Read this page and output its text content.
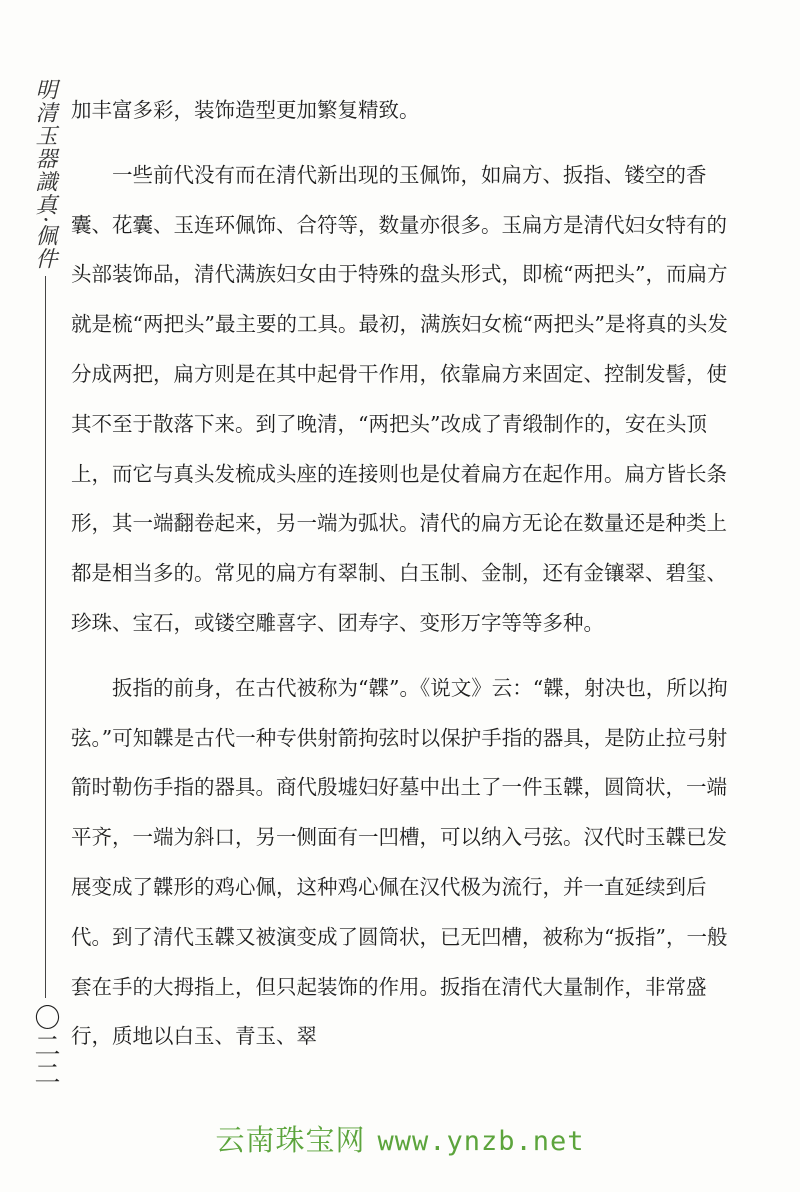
明清玉器識真·佩件
〇二二

加丰富多彩，装饰造型更加繁复精致。

一些前代没有而在清代新出现的玉佩饰，如扁方、扳指、镂空的香囊、花囊、玉连环佩饰、合符等，数量亦很多。玉扁方是清代妇女特有的头部装饰品，清代满族妇女由于特殊的盘头形式，即梳“两把头”，而扁方就是梳“两把头”最主要的工具。最初，满族妇女梳“两把头”是将真的头发分成两把，扁方则是在其中起骨干作用，依靠扁方来固定、控制发髻，使其不至于散落下来。到了晚清，“两把头”改成了青缎制作的，安在头顶上，而它与真头发梳成头座的连接则也是仗着扁方在起作用。扁方皆长条形，其一端翻卷起来，另一端为弧状。清代的扁方无论在数量还是种类上都是相当多的。常见的扁方有翠制、白玉制、金制，还有金镶翠、碧玺、珍珠、宝石，或镂空雕喜字、团寿字、变形万字等等多种。

扳指的前身，在古代被称为“韘”。《说文》云：“韘，射决也，所以拘弦。”可知韘是古代一种专供射箭拘弦时以保护手指的器具，是防止拉弓射箭时勒伤手指的器具。商代殷墟妇好墓中出土了一件玉韘，圆筒状，一端平齐，一端为斜口，另一侧面有一凹槽，可以纳入弓弦。汉代时玉韘已发展变成了韘形的鸡心佩，这种鸡心佩在汉代极为流行，并一直延续到后代。到了清代玉韘又被演变成了圆筒状，已无凹槽，被称为“扳指”，一般套在手的大拇指上，但只起装饰的作用。扳指在清代大量制作，非常盛行，质地以白玉、青玉、翠

云南珠宝网 www.ynzb.net
